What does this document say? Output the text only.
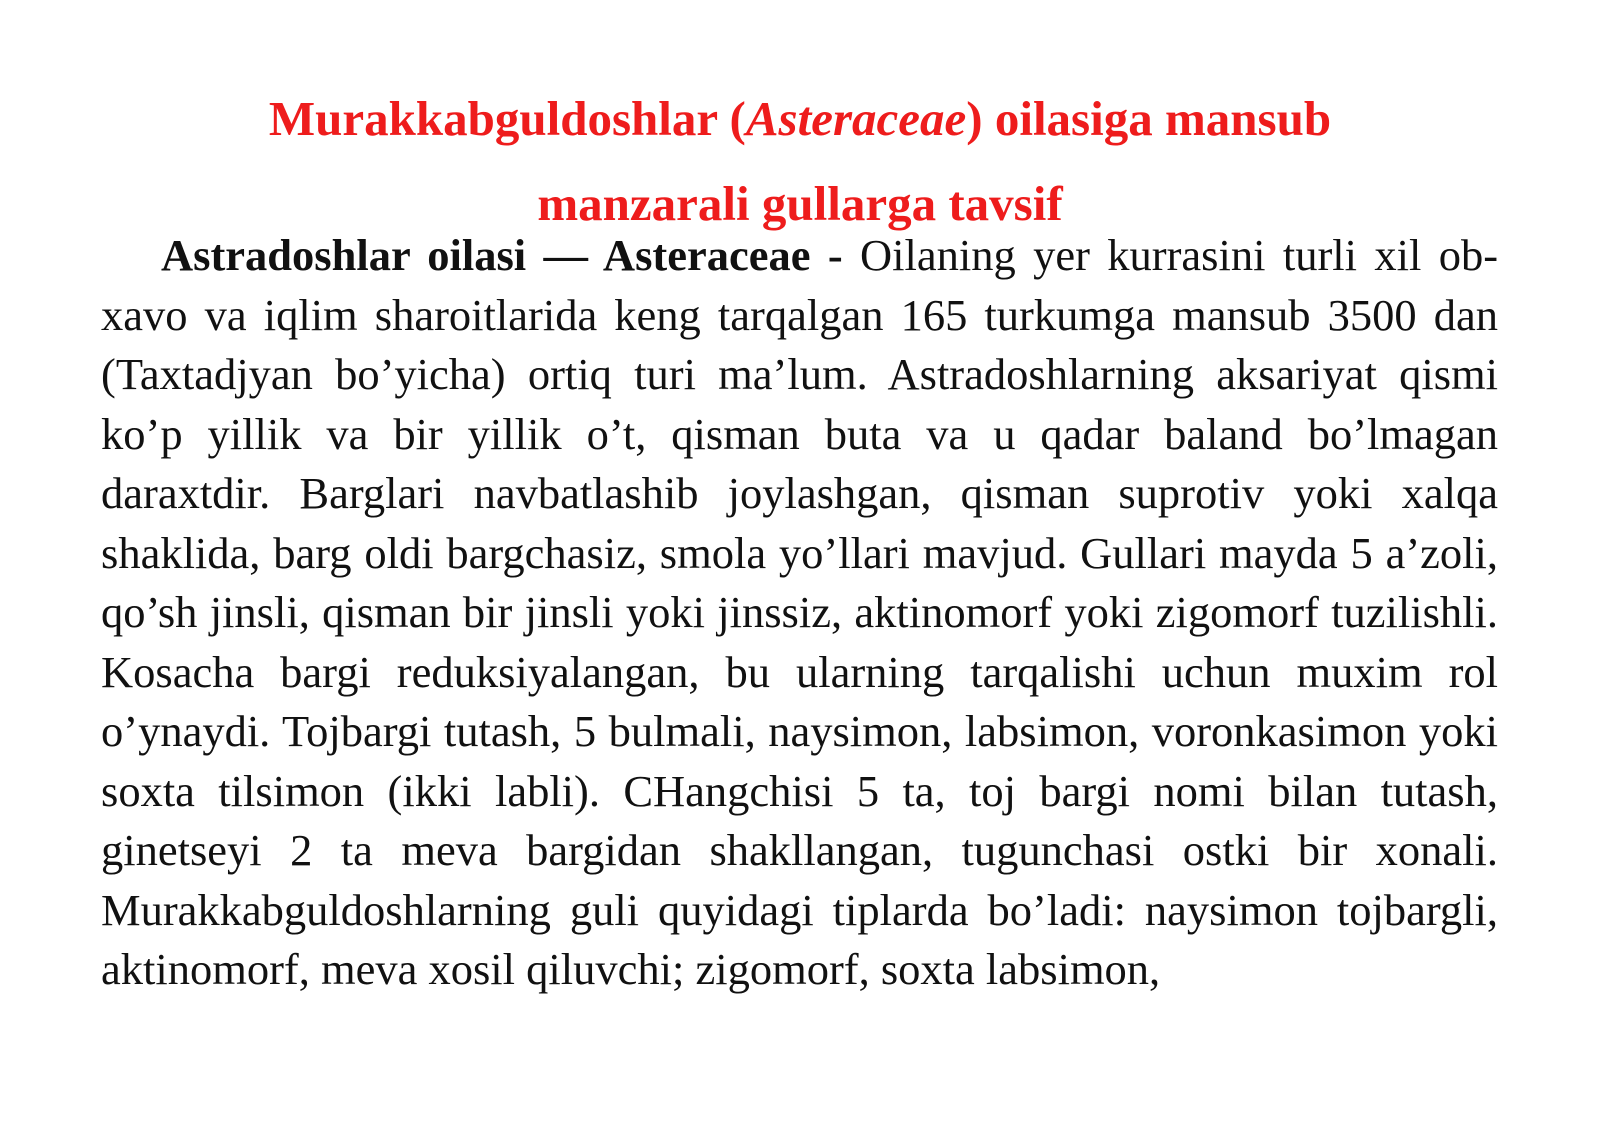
Murakkabguldoshlar (Asteraceae) oilasiga mansub
manzarali gullarga tavsif

Astradoshlar oilasi — Asteraceae - Oilaning yer kurrasini turli xil ob-xavo va iqlim sharoitlarida keng tarqalgan 165 turkumga mansub 3500 dan (Taxtadjyan bo’yicha) ortiq turi ma’lum. Astradoshlarning aksariyat qismi ko’p yillik va bir yillik o’t, qisman buta va u qadar baland bo’lmagan daraxtdir. Barglari navbatlashib joylashgan, qisman suprotiv yoki xalqa shaklida, barg oldi bargchasiz, smola yo’llari mavjud. Gullari mayda 5 a’zoli, qo’sh jinsli, qisman bir jinsli yoki jinssiz, aktinomorf yoki zigomorf tuzilishli. Kosacha bargi reduksiyalangan, bu ularning tarqalishi uchun muxim rol o’ynaydi. Tojbargi tutash, 5 bulmali, naysimon, labsimon, voronkasimon yoki soxta tilsimon (ikki labli). CHangchisi 5 ta, toj bargi nomi bilan tutash, ginetseyi 2 ta meva bargidan shakllangan, tugunchasi ostki bir xonali. Murakkabguldoshlarning guli quyidagi tiplarda bo’ladi: naysimon tojbargli, aktinomorf, meva xosil qiluvchi; zigomorf, soxta labsimon,
